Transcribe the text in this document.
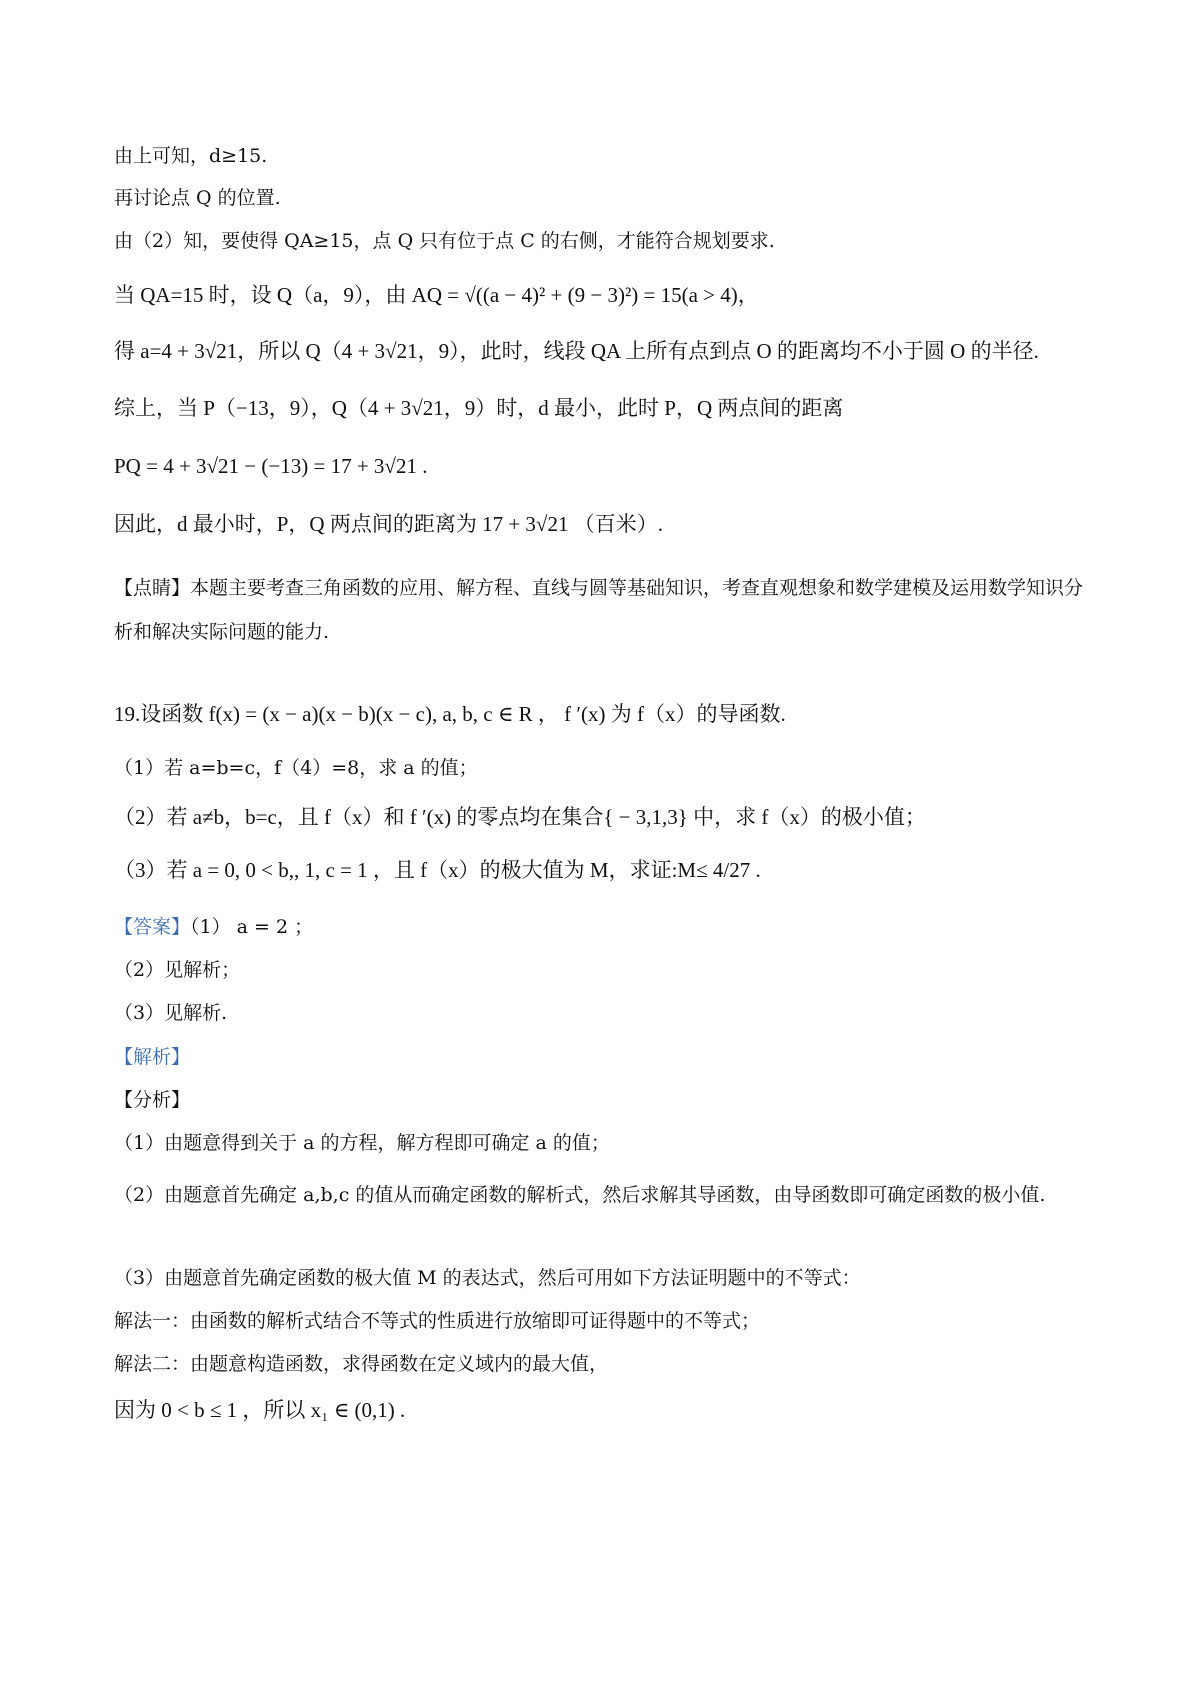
由上可知，d≥15.
再讨论点 Q 的位置.
由（2）知，要使得 QA≥15，点 Q 只有位于点 C 的右侧，才能符合规划要求.
当 QA=15 时，设 Q（a，9），由 AQ = √((a − 4)² + (9 − 3)²) = 15(a > 4)，
得 a=4 + 3√21，所以 Q（4 + 3√21，9），此时，线段 QA 上所有点到点 O 的距离均不小于圆 O 的半径.
综上，当 P（−13，9），Q（4 + 3√21，9）时，d 最小，此时 P，Q 两点间的距离
PQ = 4 + 3√21 − (−13) = 17 + 3√21 .
因此，d 最小时，P，Q 两点间的距离为 17 + 3√21 （百米）.
【点睛】本题主要考查三角函数的应用、解方程、直线与圆等基础知识，考查直观想象和数学建模及运用数学知识分析和解决实际问题的能力.
19.设函数 f(x) = (x − a)(x − b)(x − c), a, b, c ∈ R ， f ′(x) 为 f（x）的导函数.
（1）若 a=b=c，f（4）=8，求 a 的值；
（2）若 a≠b，b=c，且 f（x）和 f ′(x) 的零点均在集合{ − 3,1,3} 中，求 f（x）的极小值；
（3）若 a = 0, 0 < b,, 1, c = 1 ，且 f（x）的极大值为 M，求证:M≤ 4/27 .
【答案】（1） a = 2 ；
（2）见解析；
（3）见解析.
【解析】
【分析】
（1）由题意得到关于 a 的方程，解方程即可确定 a 的值；
（2）由题意首先确定 a,b,c 的值从而确定函数的解析式，然后求解其导函数，由导函数即可确定函数的极小值.
（3）由题意首先确定函数的极大值 M 的表达式，然后可用如下方法证明题中的不等式：
解法一：由函数的解析式结合不等式的性质进行放缩即可证得题中的不等式；
解法二：由题意构造函数，求得函数在定义域内的最大值，
因为 0 < b ≤ 1 ，所以 x₁ ∈ (0,1) .
